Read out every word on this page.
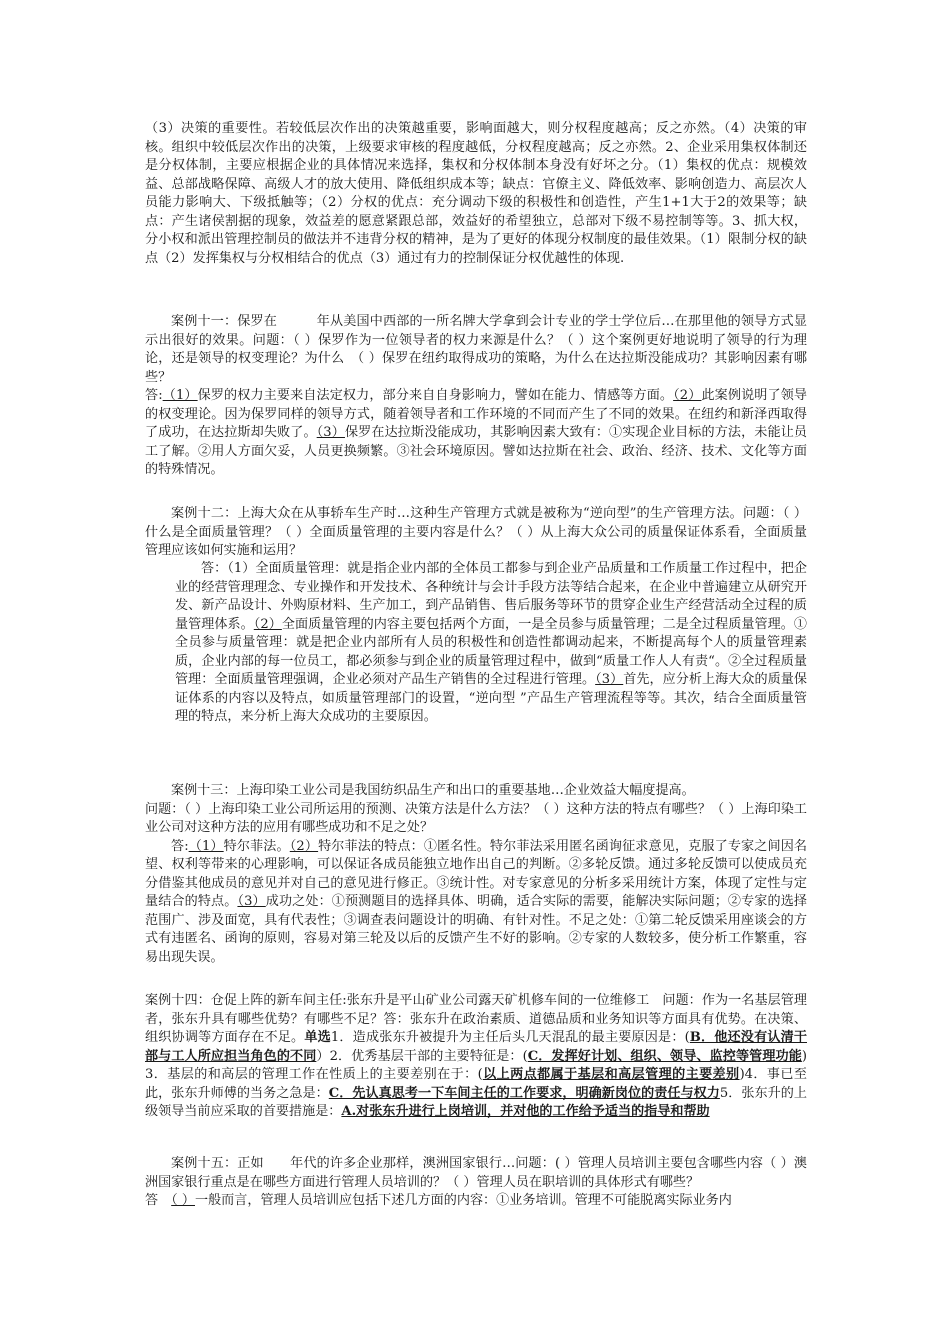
（3）决策的重要性。若较低层次作出的决策越重要，影响面越大，则分权程度越高；反之亦然。（4）决策的审核。组织中较低层次作出的决策，上级要求审核的程度越低，分权程度越高；反之亦然。2、企业采用集权体制还是分权体制，主要应根据企业的具体情况来选择，集权和分权体制本身没有好坏之分。（1）集权的优点：规模效益、总部战略保障、高级人才的放大使用、降低组织成本等；缺点：官僚主义、降低效率、影响创造力、高层次人员能力影响大、下级抵触等；（2）分权的优点：充分调动下级的积极性和创造性，产生1+1大于2的效果等；缺点：产生诸侯割据的现象，效益差的愿意紧跟总部，效益好的希望独立，总部对下级不易控制等等。3、抓大权，分小权和派出管理控制员的做法并不违背分权的精神，是为了更好的体现分权制度的最佳效果。（1）限制分权的缺点（2）发挥集权与分权相结合的优点（3）通过有力的控制保证分权优越性的体现.
案例十一：保罗在　　　年从美国中西部的一所名牌大学拿到会计专业的学士学位后…在那里他的领导方式显示出很好的效果。问题：（ ）保罗作为一位领导者的权力来源是什么？（ ）这个案例更好地说明了领导的行为理论，还是领导的权变理论？为什么　（ ）保罗在纽约取得成功的策略，为什么在达拉斯没能成功？其影响因素有哪些？
答:（1）保罗的权力主要来自法定权力，部分来自自身影响力，譬如在能力、情感等方面。（2）此案例说明了领导的权变理论。因为保罗同样的领导方式，随着领导者和工作环境的不同而产生了不同的效果。在纽约和新泽西取得了成功，在达拉斯却失败了。（3）保罗在达拉斯没能成功，其影响因素大致有：①实现企业目标的方法，未能让员工了解。②用人方面欠妥，人员更换频繁。③社会环境原因。譬如达拉斯在社会、政治、经济、技术、文化等方面的特殊情况。
案例十二：上海大众在从事轿车生产时…这种生产管理方式就是被称为“逆向型”的生产管理方法。问题：（ ）什么是全面质量管理？（ ）全面质量管理的主要内容是什么？（ ）从上海大众公司的质量保证体系看，全面质量管理应该如何实施和运用？
答：（1）全面质量管理：就是指企业内部的全体员工都参与到企业产品质量和工作质量工作过程中，把企业的经营管理理念、专业操作和开发技术、各种统计与会计手段方法等结合起来，在企业中普遍建立从研究开发、新产品设计、外购原材料、生产加工，到产品销售、售后服务等环节的贯穿企业生产经营活动全过程的质量管理体系。（2）全面质量管理的内容主要包括两个方面，一是全员参与质量管理；二是全过程质量管理。①全员参与质量管理：就是把企业内部所有人员的积极性和创造性都调动起来，不断提高每个人的质量管理素质，企业内部的每一位员工，都必须参与到企业的质量管理过程中，做到“质量工作人人有责“。②全过程质量管理：全面质量管理强调，企业必须对产品生产销售的全过程进行管理。（3）首先，应分析上海大众的质量保证体系的内容以及特点，如质量管理部门的设置，“逆向型 ”产品生产管理流程等等。其次，结合全面质量管理的特点，来分析上海大众成功的主要原因。
案例十三：上海印染工业公司是我国纺织品生产和出口的重要基地…企业效益大幅度提高。
问题：（ ）上海印染工业公司所运用的预测、决策方法是什么方法？（ ）这种方法的特点有哪些？（ ）上海印染工业公司对这种方法的应用有哪些成功和不足之处？
答:（1）特尔菲法。（2）特尔菲法的特点：①匿名性。特尔菲法采用匿名函询征求意见，克服了专家之间因名望、权利等带来的心理影响，可以保证各成员能独立地作出自己的判断。②多轮反馈。通过多轮反馈可以使成员充分借鉴其他成员的意见并对自己的意见进行修正。③统计性。对专家意见的分析多采用统计方案，体现了定性与定量结合的特点。（3）成功之处：①预测题目的选择具体、明确，适合实际的需要，能解决实际问题；②专家的选择范围广、涉及面宽，具有代表性；③调查表问题设计的明确、有针对性。不足之处：①第二轮反馈采用座谈会的方式有违匿名、函询的原则，容易对第三轮及以后的反馈产生不好的影响。②专家的人数较多，使分析工作繁重，容易出现失误。
案例十四：仓促上阵的新车间主任:张东升是平山矿业公司露天矿机修车间的一位维修工　问题：作为一名基层管理者，张东升具有哪些优势？有哪些不足？答：张东升在政治素质、道德品质和业务知识等方面具有优势。在决策、组织协调等方面存在不足。单选1．造成张东升被提升为主任后头几天混乱的最主要原因是：(B．他还没有认清干部与工人所应担当角色的不同）2．优秀基层干部的主要特征是：(C．发挥好计划、组织、领导、监控等管理功能)3．基层的和高层的管理工作在性质上的主要差别在于：(以上两点都属于基层和高层管理的主要差别)4．事已至此，张东升师傅的当务之急是：C．先认真思考一下车间主任的工作要求，明确新岗位的责任与权力5．张东升的上级领导当前应采取的首要措施是：A.对张东升进行上岗培训，并对他的工作给予适当的指导和帮助
案例十五：正如　　年代的许多企业那样，澳洲国家银行…问题：( ）管理人员培训主要包含哪些内容（ ）澳洲国家银行重点是在哪些方面进行管理人员培训的？（ ）管理人员在职培训的具体形式有哪些？
答　（ ）一般而言，管理人员培训应包括下述几方面的内容：①业务培训。管理不可能脱离实际业务内
